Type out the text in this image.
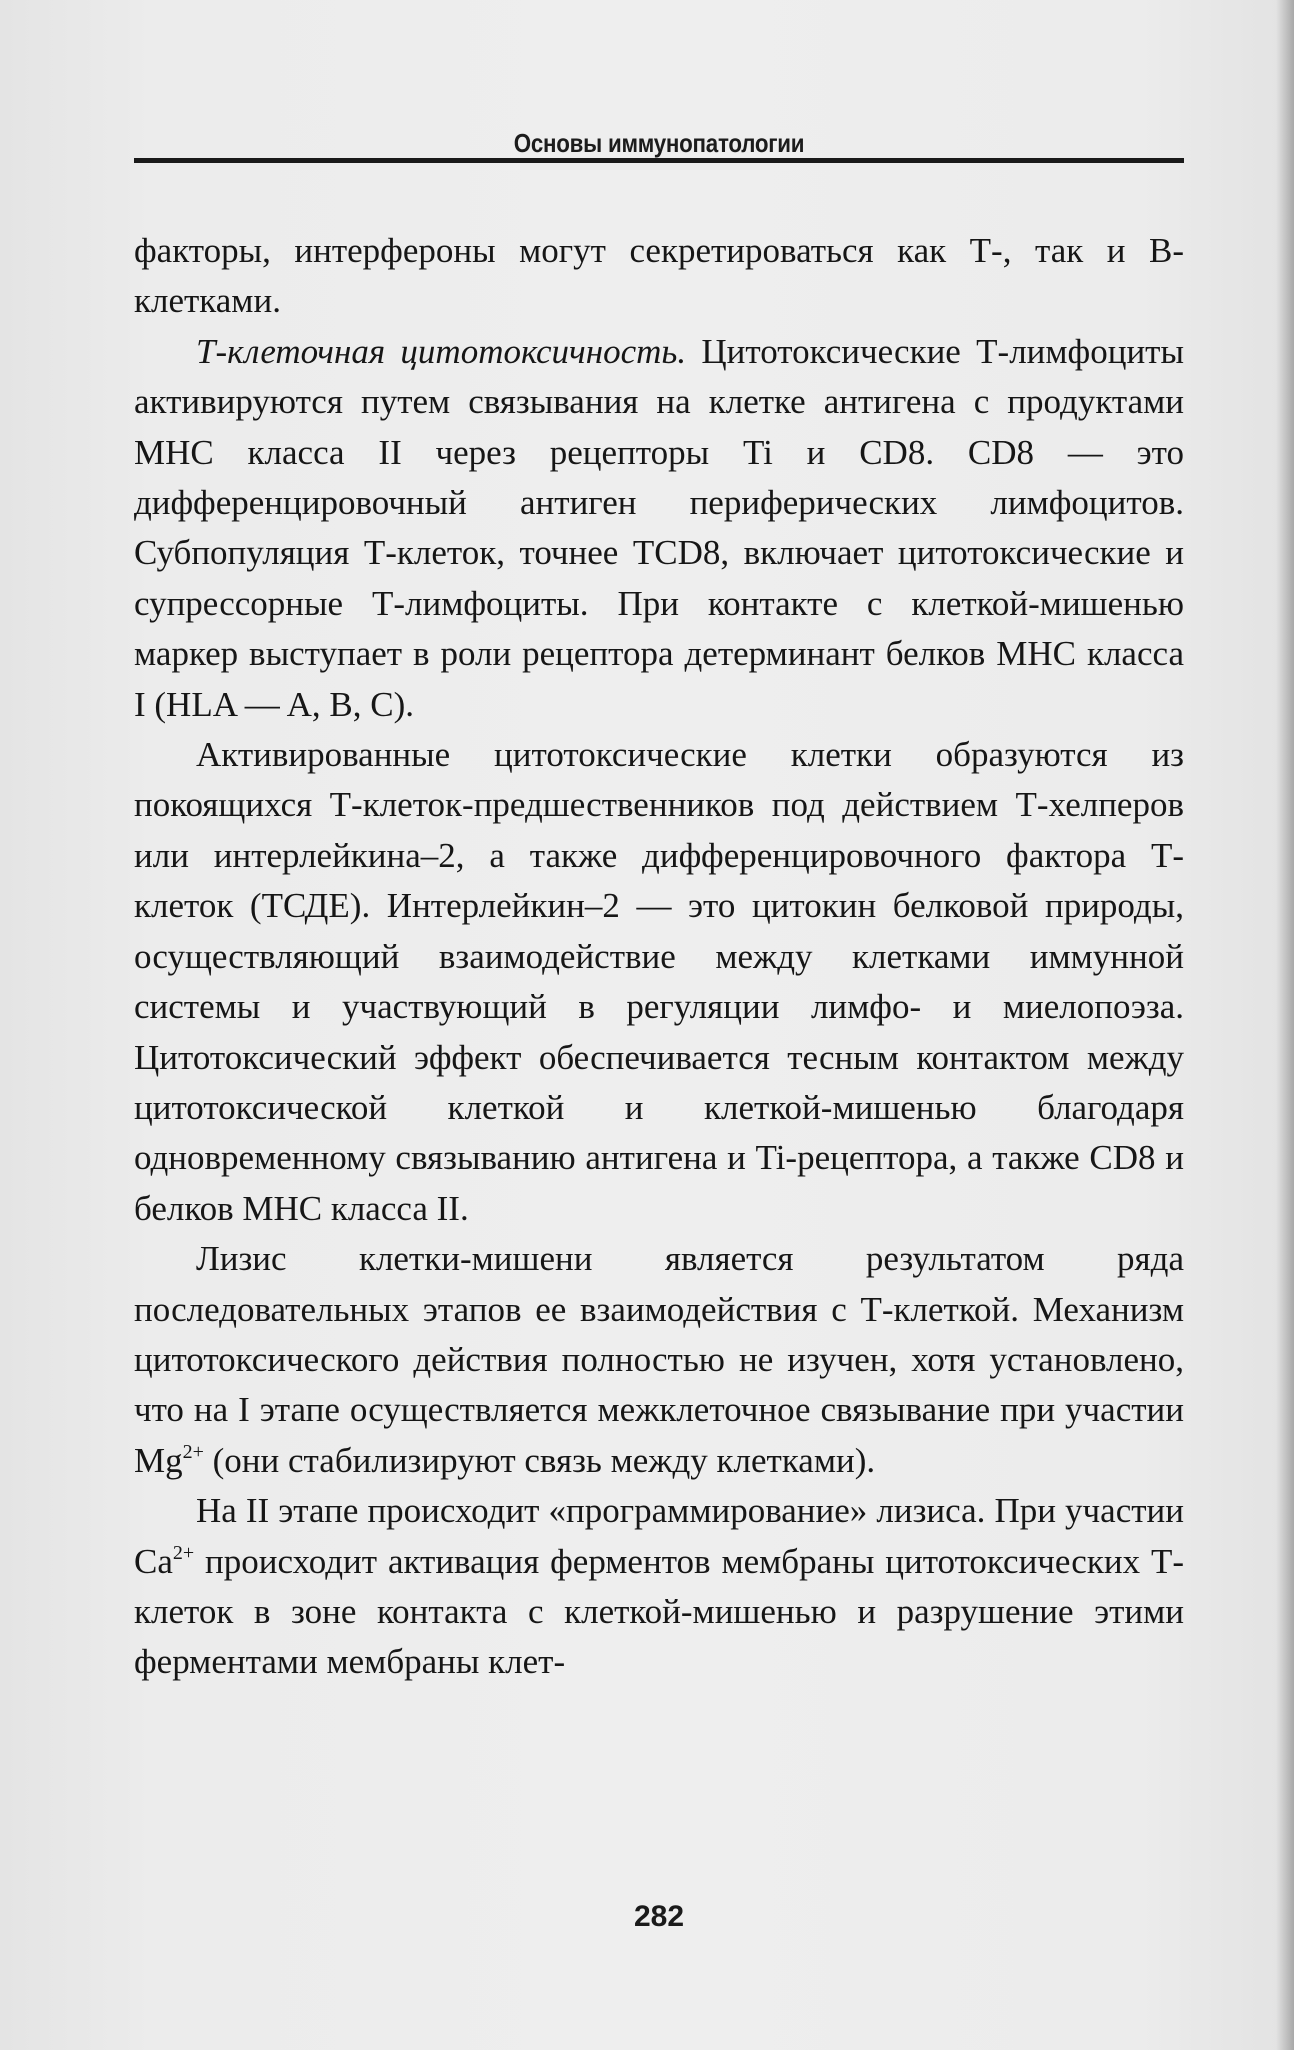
Основы иммунопатологии

факторы, интерфероны могут секретироваться как Т-, так и В-клетками.

Т-клеточная цитотоксичность. Цитотоксические Т-лимфоциты активируются путем связывания на клетке антигена с продуктами МНС класса II через рецепторы Ti и CD8. CD8 — это дифференцировочный антиген периферических лимфоцитов. Субпопуляция Т-клеток, точнее TCD8, включает цитотоксические и супрессорные Т-лимфоциты. При контакте с клеткой-мишенью маркер выступает в роли рецептора детерминант белков МНС класса I (HLA — A, B, C).

Активированные цитотоксические клетки образуются из покоящихся Т-клеток-предшественников под действием Т-хелперов или интерлейкина–2, а также дифференцировочного фактора Т-клеток (ТСДЕ). Интерлейкин–2 — это цитокин белковой природы, осуществляющий взаимодействие между клетками иммунной системы и участвующий в регуляции лимфо- и миелопоэза. Цитотоксический эффект обеспечивается тесным контактом между цитотоксической клеткой и клеткой-мишенью благодаря одновременному связыванию антигена и Ti-рецептора, а также CD8 и белков МНС класса II.

Лизис клетки-мишени является результатом ряда последовательных этапов ее взаимодействия с Т-клеткой. Механизм цитотоксического действия полностью не изучен, хотя установлено, что на I этапе осуществляется межклеточное связывание при участии $Mg^{2+}$ (они стабилизируют связь между клетками).

На II этапе происходит «программирование» лизиса. При участии $Ca^{2+}$ происходит активация ферментов мембраны цитотоксических Т-клеток в зоне контакта с клеткой-мишенью и разрушение этими ферментами мембраны клет-

282
